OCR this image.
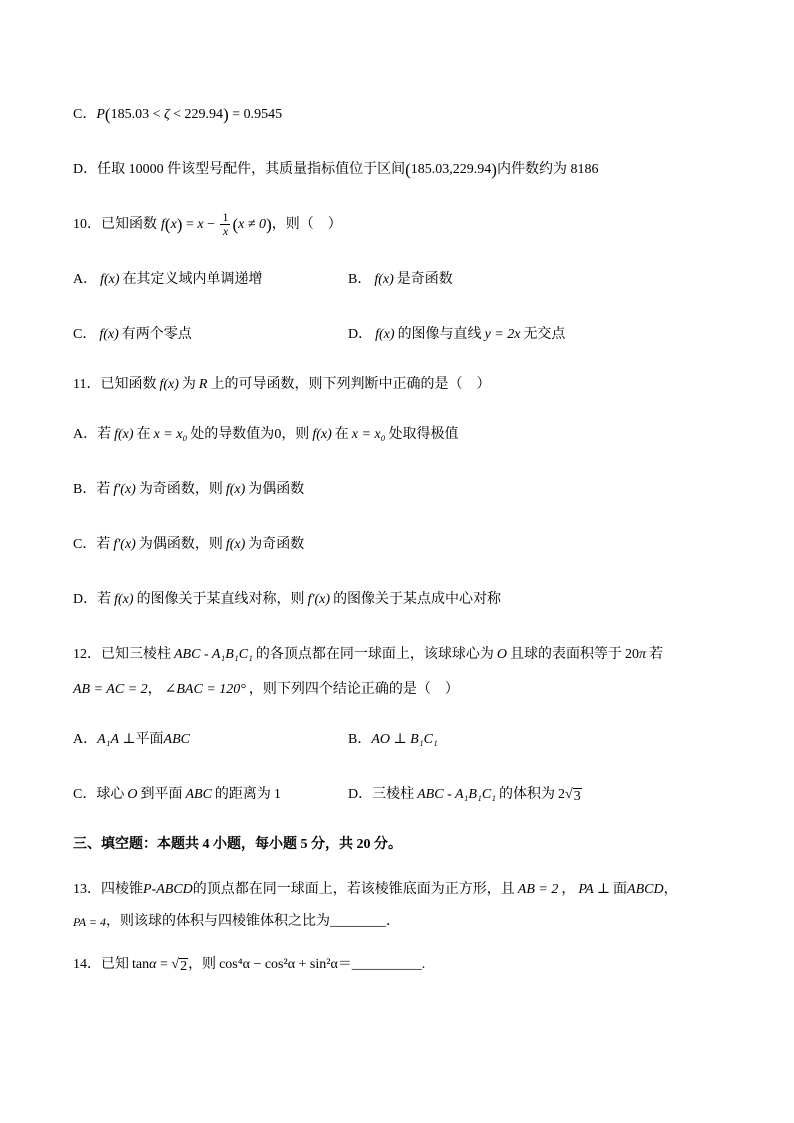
C． P ( 185.03 < ζ < 229.94 ) = 0.9545
D． 任取 10000 件该型号配件，其质量指标值位于区间 ( 185.03,229.94 ) 内件数约为 8186
10． 已知函数 f ( x ) = $x - \frac{1}{x}$ ( x ≠ 0 ) ，则（    ）
A． f(x) 在其定义域内单调递增	B． f(x) 是奇函数
C． f(x) 有两个零点	D． f(x) 的图像与直线 y = 2x 无交点
11． 已知函数 f(x) 为 R 上的可导函数，则下列判断中正确的是（    ）
A．若 f(x) 在 x = x₀ 处的导数值为 0 ，则 f(x) 在 x = x₀ 处取得极值
B．若 f′(x) 为奇函数，则 f(x) 为偶函数
C．若 f′(x) 为偶函数，则 f(x) 为奇函数
D．若 f(x) 的图像关于某直线对称，则 f′(x) 的图像关于某点成中心对称
12． 已知三棱柱 ABC - A₁B₁C₁ 的各顶点都在同一球面上，该球球心为 O 且球的表面积等于 20 π 若
AB = AC = 2 ， ∠BAC = 120° ，则下列四个结论正确的是（    ）
A． A₁A ⊥ 平面 ABC	B． AO ⊥ B₁C₁
C．球心 O 到平面 ABC 的距离为 1	D．三棱柱 ABC - A₁B₁C₁ 的体积为 2 √ 3
三、填空题：本题共 4 小题，每小题 5 分，共 20 分。
13． 四棱锥 P-ABCD 的顶点都在同一球面上，若该棱锥底面为正方形，且 AB = 2 ， PA ⊥ 面 ABCD ，
PA = 4 ，则该球的体积与四棱锥体积之比为 ________ ．
14． 已知 tan α = √ 2 ，则 cos⁴α − cos²α + sin²α ＝ __________ .
